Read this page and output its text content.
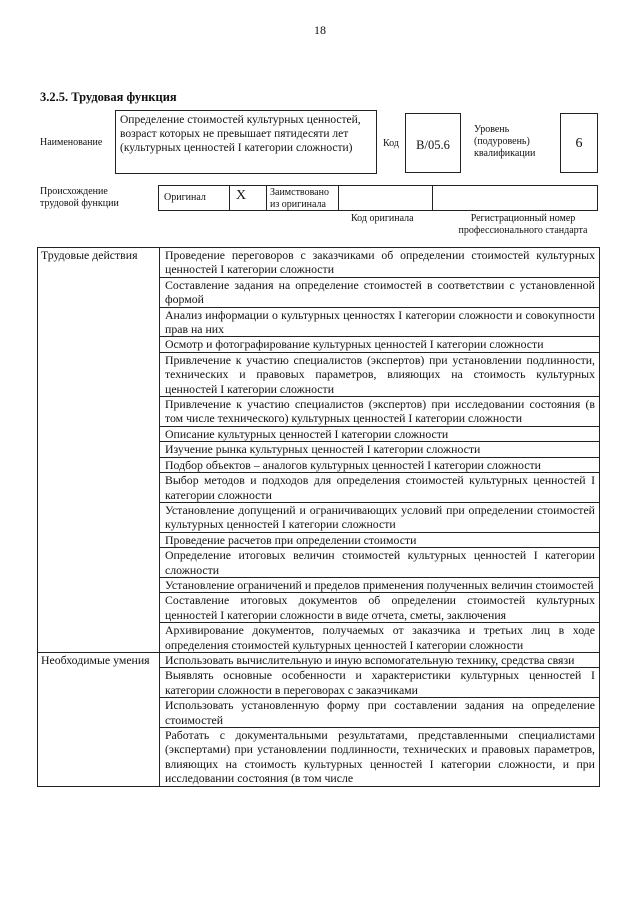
18
3.2.5. Трудовая функция
Наименование
Определение стоимостей культурных ценностей, возраст которых не превышает пятидесяти лет (культурных ценностей I категории сложности)	Код	В/05.6
Уровень (подуровень) квалификации
6
Происхождение трудовой функции
Оригинал X Заимствовано из оригинала
Код оригинала	Регистрационный номер профессионального стандарта
Трудовые действия	Проведение переговоров с заказчиками об определении стоимостей культурных ценностей I категории сложности
	Составление задания на определение стоимостей в соответствии с установленной формой
	Анализ информации о культурных ценностях I категории сложности и совокупности прав на них
	Осмотр и фотографирование культурных ценностей I категории сложности
	Привлечение к участию специалистов (экспертов) при установлении подлинности, технических и правовых параметров, влияющих на стоимость культурных ценностей I категории сложности
	Привлечение к участию специалистов (экспертов) при исследовании состояния (в том числе технического) культурных ценностей I категории сложности
	Описание культурных ценностей I категории сложности
	Изучение рынка культурных ценностей I категории сложности
	Подбор объектов – аналогов культурных ценностей I категории сложности
	Выбор методов и подходов для определения стоимостей культурных ценностей I категории сложности
	Установление допущений и ограничивающих условий при определении стоимостей культурных ценностей I категории сложности
	Проведение расчетов при определении стоимости
	Определение итоговых величин стоимостей культурных ценностей I категории сложности
	Установление ограничений и пределов применения полученных величин стоимостей
	Составление итоговых документов об определении стоимостей культурных ценностей I категории сложности в виде отчета, сметы, заключения
	Архивирование документов, получаемых от заказчика и третьих лиц в ходе определения стоимостей культурных ценностей I категории сложности
Необходимые умения	Использовать вычислительную и иную вспомогательную технику, средства связи
	Выявлять основные особенности и характеристики культурных ценностей I категории сложности в переговорах с заказчиками
	Использовать установленную форму при составлении задания на определение стоимостей
	Работать с документальными результатами, представленными специалистами (экспертами) при установлении подлинности, технических и правовых параметров, влияющих на стоимость культурных ценностей I категории сложности, и при исследовании состояния (в том числе
